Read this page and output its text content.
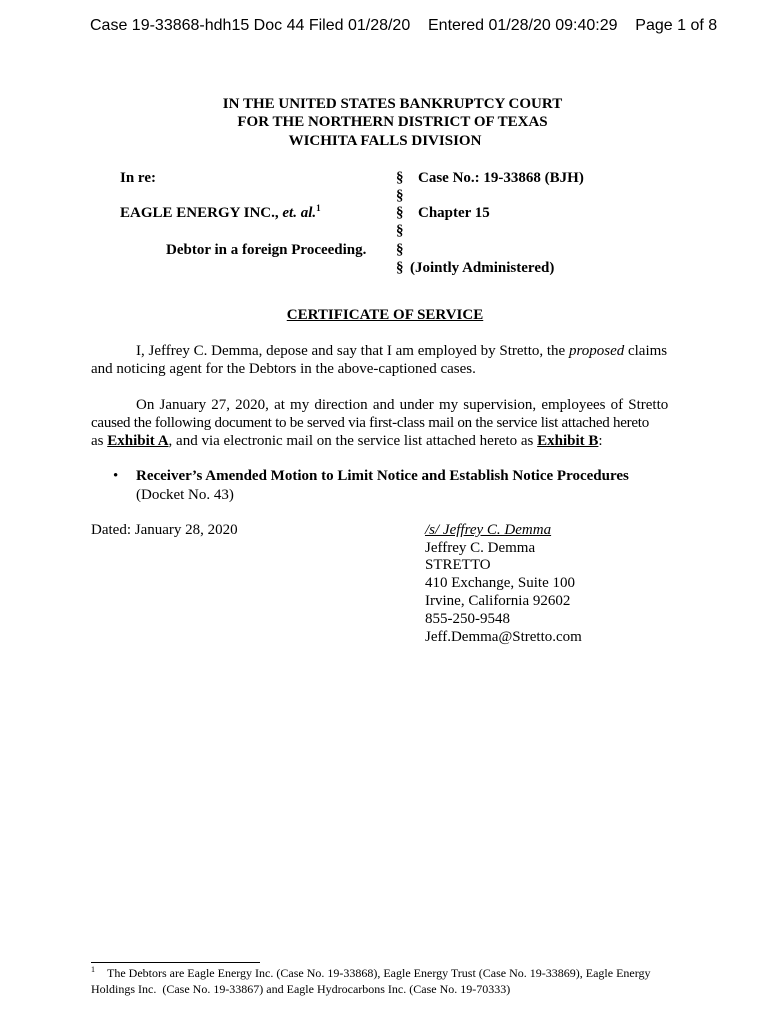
Case 19-33868-hdh15 Doc 44 Filed 01/28/20    Entered 01/28/20 09:40:29    Page 1 of 8
IN THE UNITED STATES BANKRUPTCY COURT
FOR THE NORTHERN DISTRICT OF TEXAS
WICHITA FALLS DIVISION
In re:
EAGLE ENERGY INC., et. al.$^1$
Debtor in a foreign Proceeding.
§
§
§
§
§
§
Case No.: 19-33868 (BJH)
Chapter 15
(Jointly Administered)
CERTIFICATE OF SERVICE
I, Jeffrey C. Demma, depose and say that I am employed by Stretto, the proposed claims
and noticing agent for the Debtors in the above-captioned cases.
On January 27, 2020, at my direction and under my supervision, employees of Stretto
caused the following document to be served via first-class mail on the service list attached hereto
as Exhibit A, and via electronic mail on the service list attached hereto as Exhibit B:
• Receiver’s Amended Motion to Limit Notice and Establish Notice Procedures
(Docket No. 43)
Dated: January 28, 2020	/s/ Jeffrey C. Demma
Jeffrey C. Demma
STRETTO
410 Exchange, Suite 100
Irvine, California 92602
855-250-9548
Jeff.Demma@Stretto.com
$^1$ The Debtors are Eagle Energy Inc. (Case No. 19-33868), Eagle Energy Trust (Case No. 19-33869), Eagle Energy
Holdings Inc.  (Case No. 19-33867) and Eagle Hydrocarbons Inc. (Case No. 19-70333)
